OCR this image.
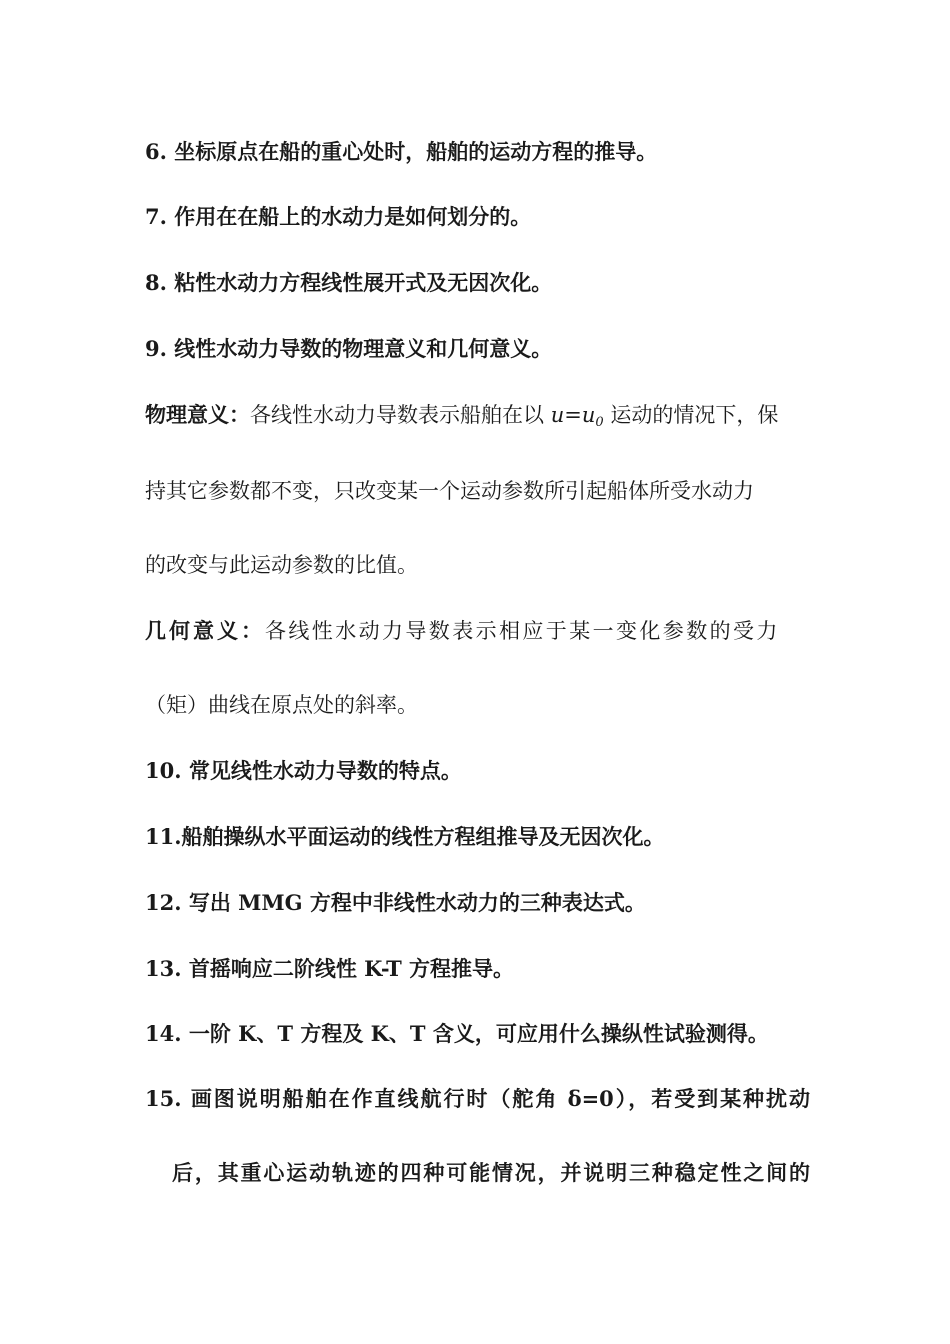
6. 坐标原点在船的重心处时，船舶的运动方程的推导。
7. 作用在在船上的水动力是如何划分的。
8. 粘性水动力方程线性展开式及无因次化。
9. 线性水动力导数的物理意义和几何意义。
物理意义：各线性水动力导数表示船舶在以 $u=u_0$ 运动的情况下，保
持其它参数都不变，只改变某一个运动参数所引起船体所受水动力
的改变与此运动参数的比值。
几何意义：各线性水动力导数表示相应于某一变化参数的受力
（矩）曲线在原点处的斜率。
10. 常见线性水动力导数的特点。
11.船舶操纵水平面运动的线性方程组推导及无因次化。
12. 写出 MMG 方程中非线性水动力的三种表达式。
13. 首摇响应二阶线性 K-T 方程推导。
14. 一阶 K、T 方程及 K、T 含义，可应用什么操纵性试验测得。
15. 画图说明船舶在作直线航行时（舵角 δ=0），若受到某种扰动
后，其重心运动轨迹的四种可能情况，并说明三种稳定性之间的
